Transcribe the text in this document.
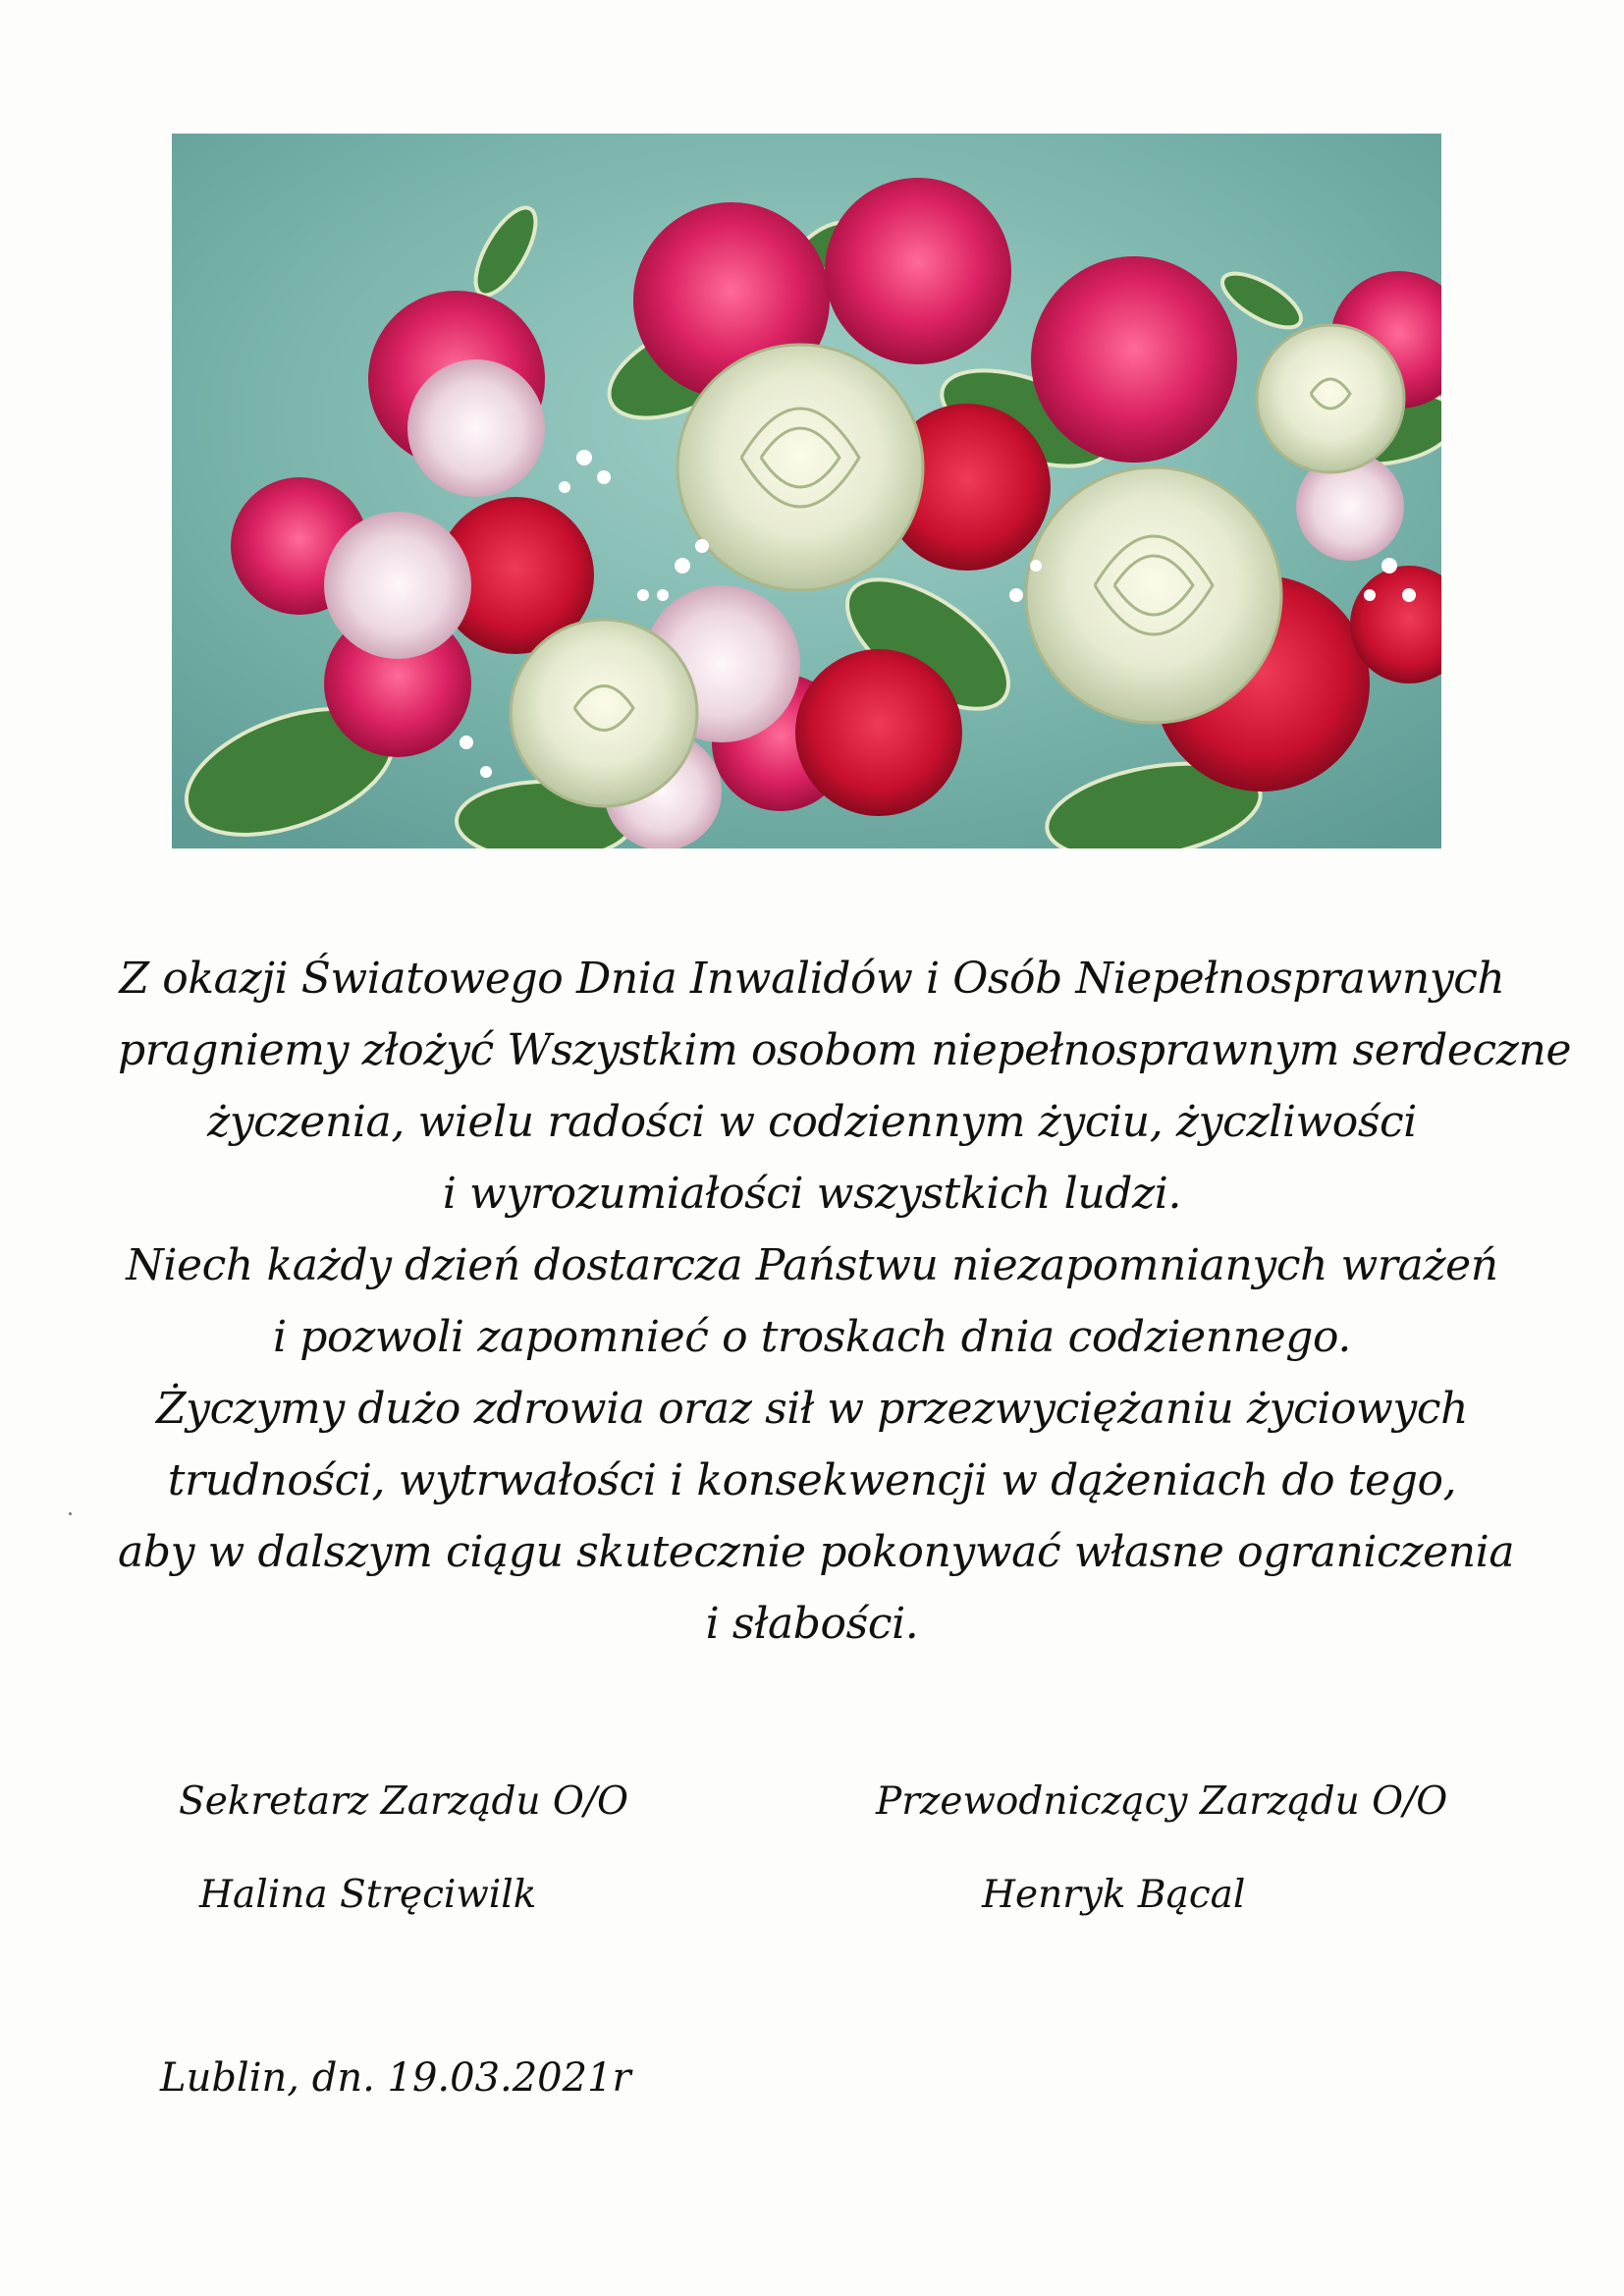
Z okazji Światowego Dnia Inwalidów i Osób Niepełnosprawnych
pragniemy złożyć Wszystkim osobom niepełnosprawnym serdeczne
życzenia, wielu radości w codziennym życiu, życzliwości
i wyrozumiałości wszystkich ludzi.
Niech każdy dzień dostarcza Państwu niezapomnianych wrażeń
i pozwoli zapomnieć o troskach dnia codziennego.
Życzymy dużo zdrowia oraz sił w przezwyciężaniu życiowych
trudności, wytrwałości i konsekwencji w dążeniach do tego,
aby w dalszym ciągu skutecznie pokonywać własne ograniczenia
i słabości.
Sekretarz Zarządu O/O
Halina Stręciwilk
Przewodniczący Zarządu O/O
Henryk Bącal
Lublin, dn. 19.03.2021r
